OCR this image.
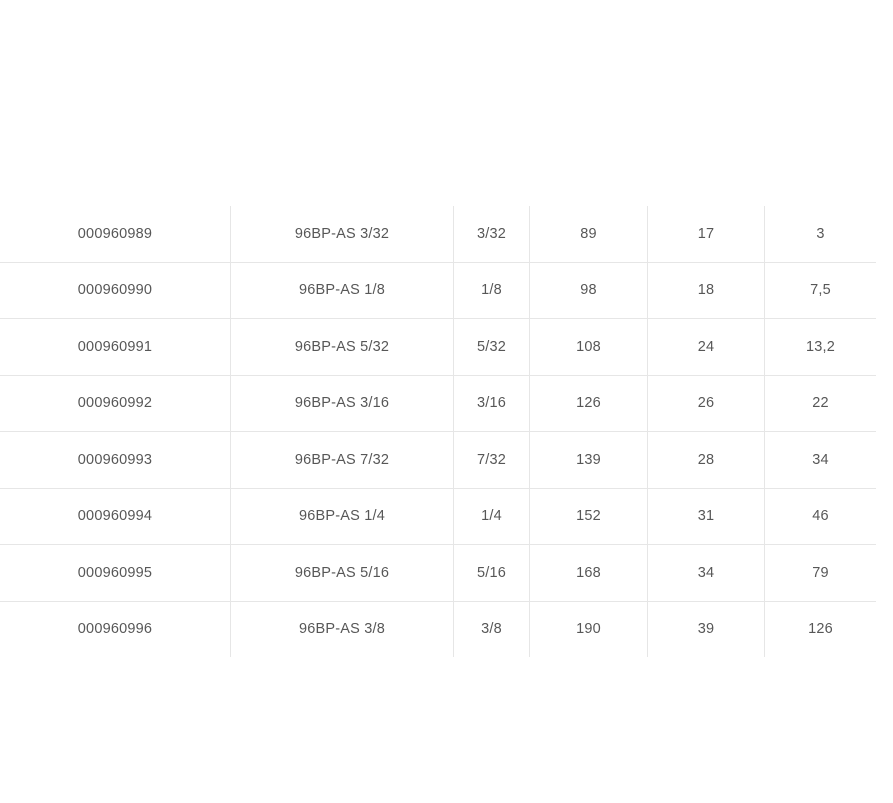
000960989	96BP-AS 3/32	3/32	89	17	3
000960990	96BP-AS 1/8	1/8	98	18	7,5
000960991	96BP-AS 5/32	5/32	108	24	13,2
000960992	96BP-AS 3/16	3/16	126	26	22
000960993	96BP-AS 7/32	7/32	139	28	34
000960994	96BP-AS 1/4	1/4	152	31	46
000960995	96BP-AS 5/16	5/16	168	34	79
000960996	96BP-AS 3/8	3/8	190	39	126
